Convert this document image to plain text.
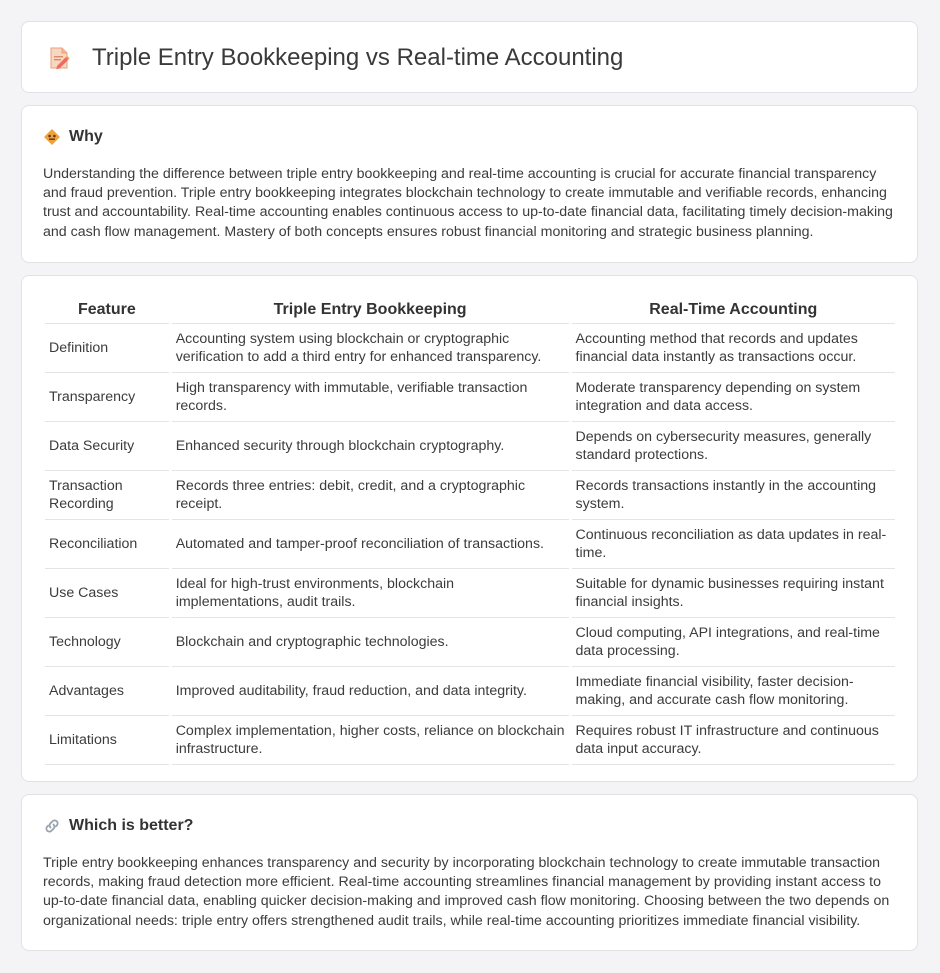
Triple Entry Bookkeeping vs Real-time Accounting
Why

Understanding the difference between triple entry bookkeeping and real-time accounting is crucial for accurate financial transparency and fraud prevention. Triple entry bookkeeping integrates blockchain technology to create immutable and verifiable records, enhancing trust and accountability. Real-time accounting enables continuous access to up-to-date financial data, facilitating timely decision-making and cash flow management. Mastery of both concepts ensures robust financial monitoring and strategic business planning.

Feature	Triple Entry Bookkeeping	Real-Time Accounting
Definition	Accounting system using blockchain or cryptographic verification to add a third entry for enhanced transparency.	Accounting method that records and updates financial data instantly as transactions occur.
Transparency	High transparency with immutable, verifiable transaction records.	Moderate transparency depending on system integration and data access.
Data Security	Enhanced security through blockchain cryptography.	Depends on cybersecurity measures, generally standard protections.
Transaction Recording	Records three entries: debit, credit, and a cryptographic receipt.	Records transactions instantly in the accounting system.
Reconciliation	Automated and tamper-proof reconciliation of transactions.	Continuous reconciliation as data updates in real-time.
Use Cases	Ideal for high-trust environments, blockchain implementations, audit trails.	Suitable for dynamic businesses requiring instant financial insights.
Technology	Blockchain and cryptographic technologies.	Cloud computing, API integrations, and real-time data processing.
Advantages	Improved auditability, fraud reduction, and data integrity.	Immediate financial visibility, faster decision-making, and accurate cash flow monitoring.
Limitations	Complex implementation, higher costs, reliance on blockchain infrastructure.	Requires robust IT infrastructure and continuous data input accuracy.
Which is better?

Triple entry bookkeeping enhances transparency and security by incorporating blockchain technology to create immutable transaction records, making fraud detection more efficient. Real-time accounting streamlines financial management by providing instant access to up-to-date financial data, enabling quicker decision-making and improved cash flow monitoring. Choosing between the two depends on organizational needs: triple entry offers strengthened audit trails, while real-time accounting prioritizes immediate financial visibility.
